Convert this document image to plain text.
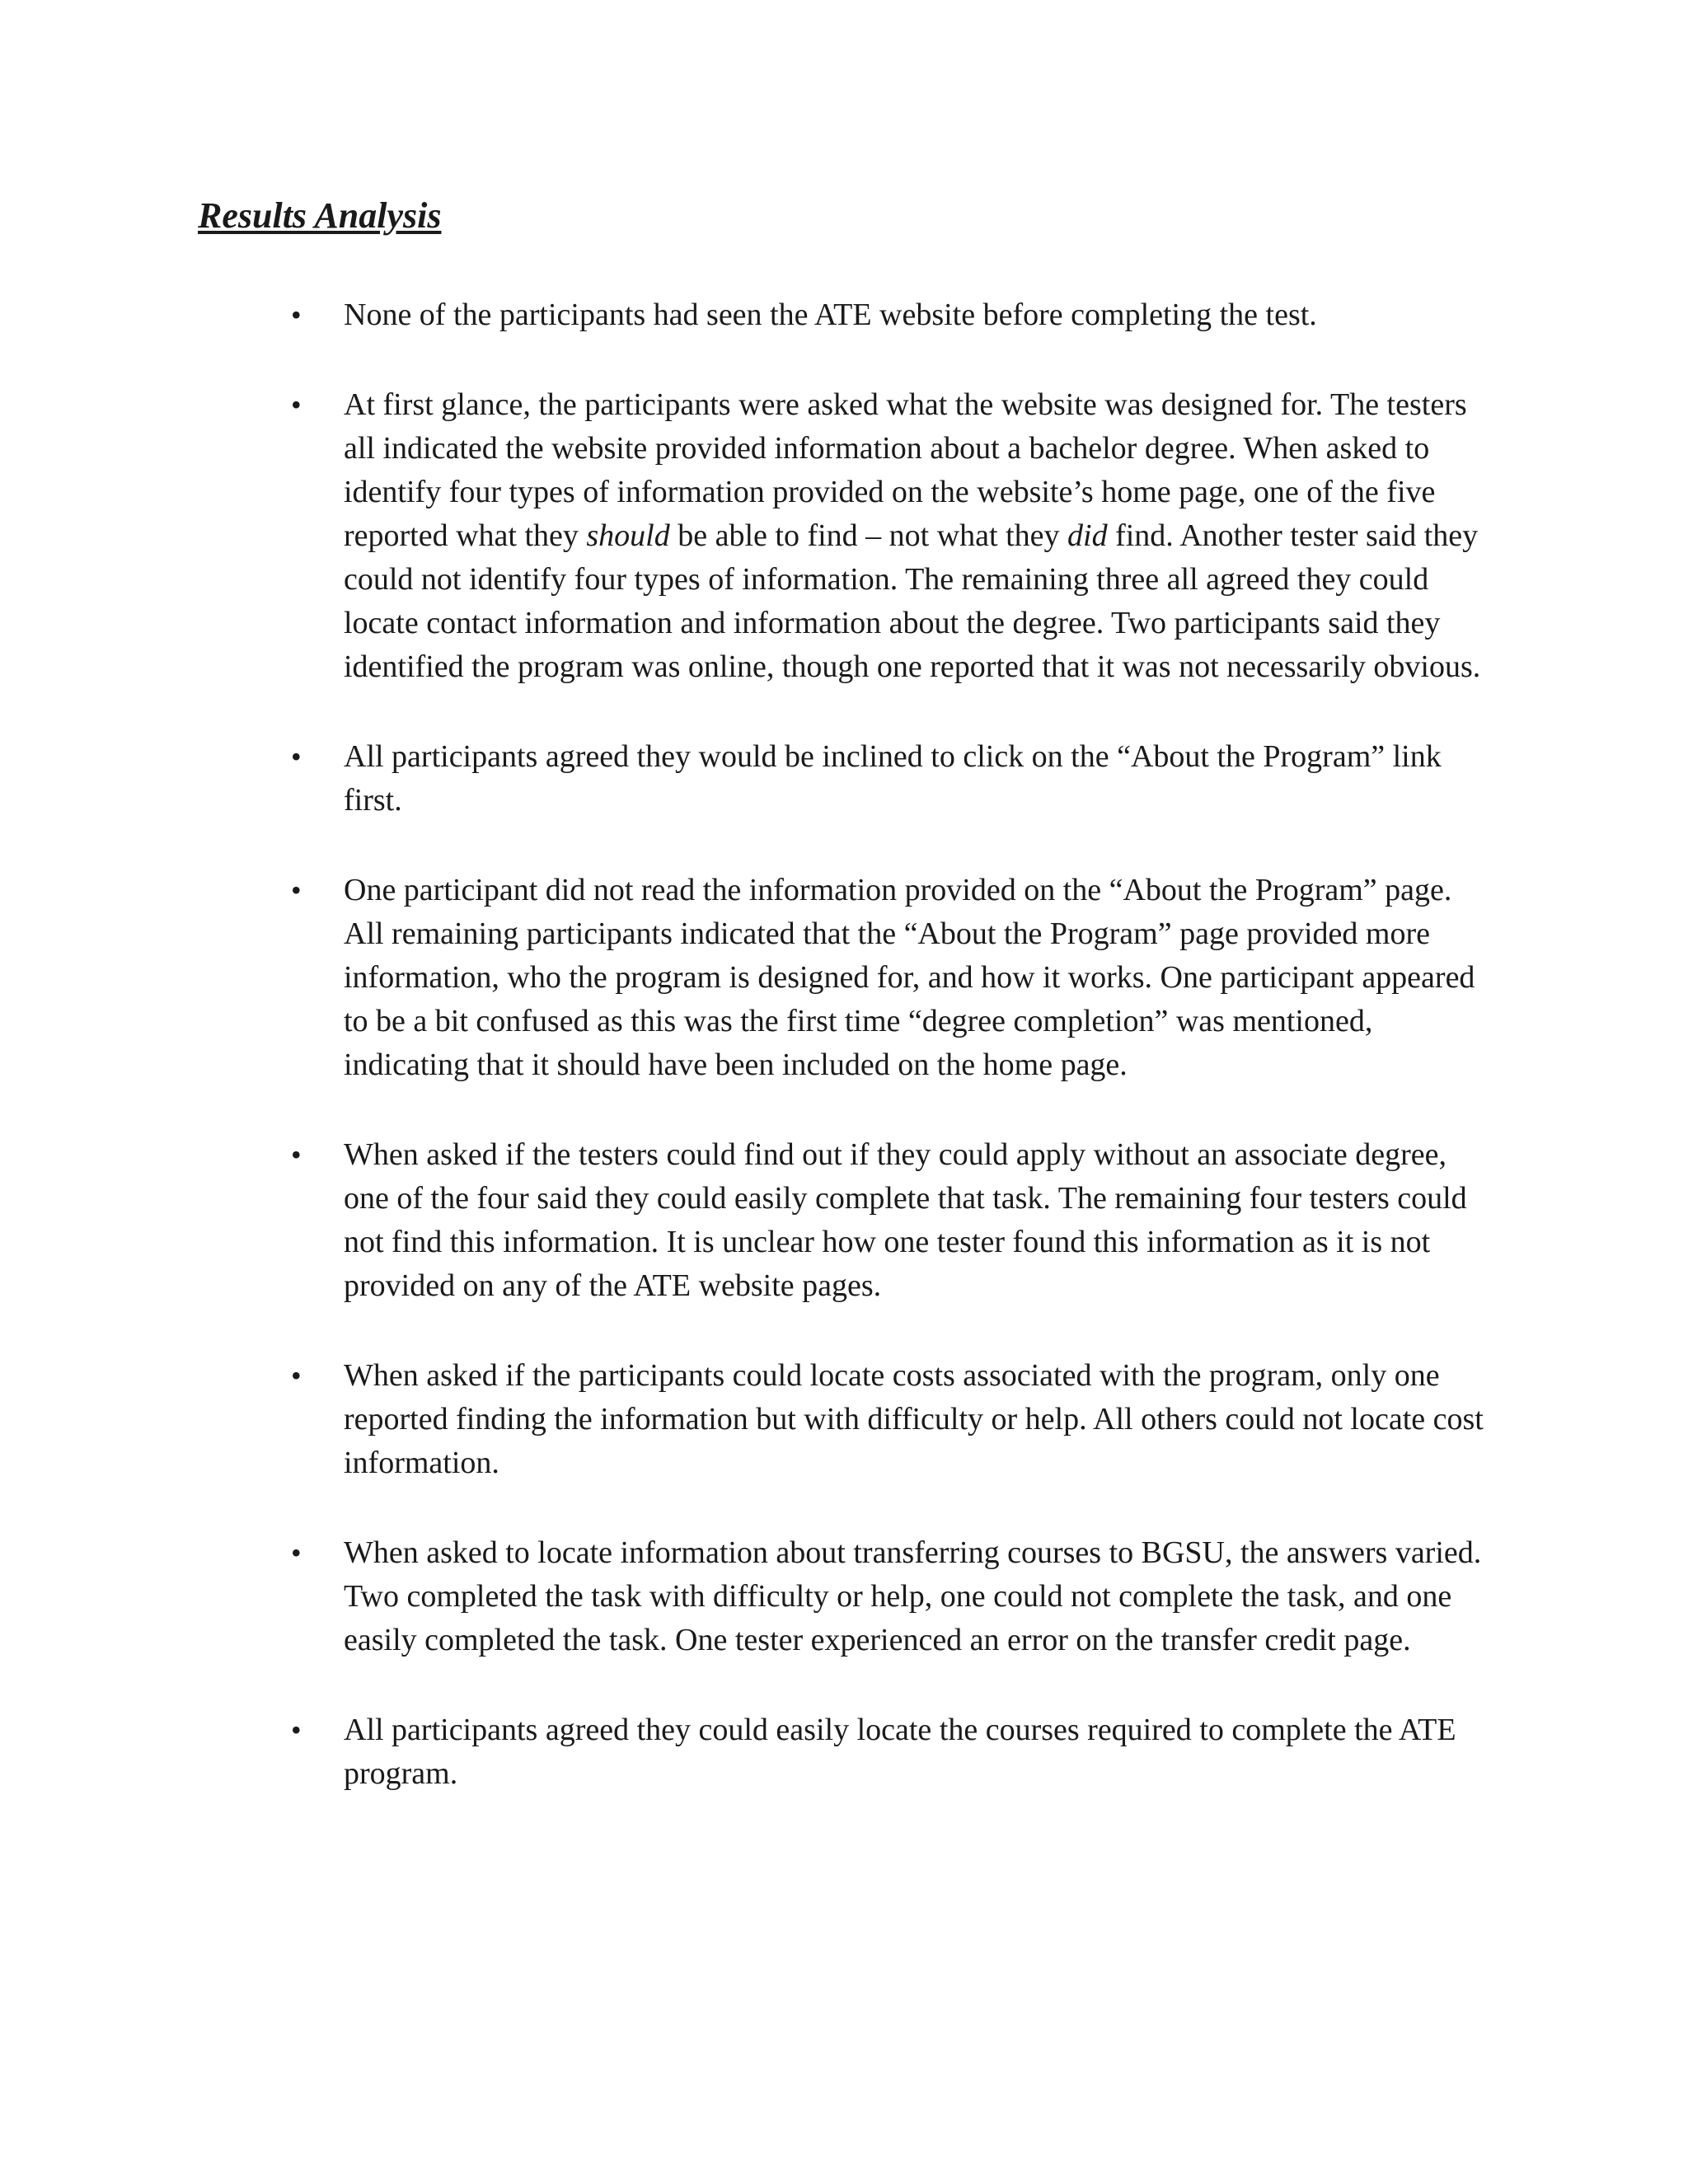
Results Analysis
• None of the participants had seen the ATE website before completing the test.
• At first glance, the participants were asked what the website was designed for. The testers all indicated the website provided information about a bachelor degree. When asked to identify four types of information provided on the website’s home page, one of the five reported what they should be able to find – not what they did find. Another tester said they could not identify four types of information. The remaining three all agreed they could locate contact information and information about the degree. Two participants said they identified the program was online, though one reported that it was not necessarily obvious.
• All participants agreed they would be inclined to click on the “About the Program” link first.
• One participant did not read the information provided on the “About the Program” page. All remaining participants indicated that the “About the Program” page provided more information, who the program is designed for, and how it works. One participant appeared to be a bit confused as this was the first time “degree completion” was mentioned, indicating that it should have been included on the home page.
• When asked if the testers could find out if they could apply without an associate degree, one of the four said they could easily complete that task. The remaining four testers could not find this information. It is unclear how one tester found this information as it is not provided on any of the ATE website pages.
• When asked if the participants could locate costs associated with the program, only one reported finding the information but with difficulty or help. All others could not locate cost information.
• When asked to locate information about transferring courses to BGSU, the answers varied. Two completed the task with difficulty or help, one could not complete the task, and one easily completed the task. One tester experienced an error on the transfer credit page.
• All participants agreed they could easily locate the courses required to complete the ATE program.
